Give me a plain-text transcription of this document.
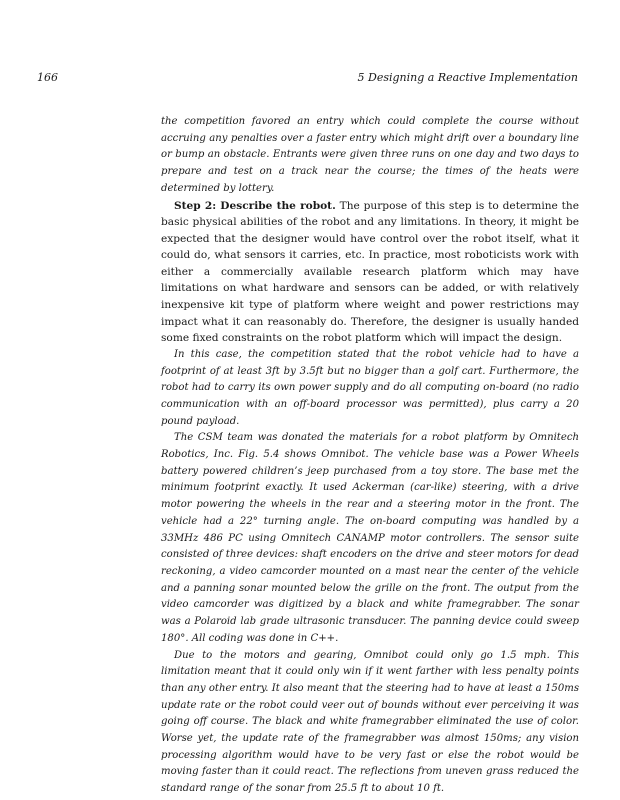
166	5 Designing a Reactive Implementation

the competition favored an entry which could complete the course without accruing any penalties over a faster entry which might drift over a boundary line or bump an obstacle. Entrants were given three runs on one day and two days to prepare and test on a track near the course; the times of the heats were determined by lottery.

Step 2: Describe the robot. The purpose of this step is to determine the basic physical abilities of the robot and any limitations. In theory, it might be expected that the designer would have control over the robot itself, what it could do, what sensors it carries, etc. In practice, most roboticists work with either a commercially available research platform which may have limitations on what hardware and sensors can be added, or with relatively inexpensive kit type of platform where weight and power restrictions may impact what it can reasonably do. Therefore, the designer is usually handed some fixed constraints on the robot platform which will impact the design.

In this case, the competition stated that the robot vehicle had to have a footprint of at least 3ft by 3.5ft but no bigger than a golf cart. Furthermore, the robot had to carry its own power supply and do all computing on-board (no radio communication with an off-board processor was permitted), plus carry a 20 pound payload.

The CSM team was donated the materials for a robot platform by Omnitech Robotics, Inc. Fig. 5.4 shows Omnibot. The vehicle base was a Power Wheels battery powered children’s jeep purchased from a toy store. The base met the minimum footprint exactly. It used Ackerman (car-like) steering, with a drive motor powering the wheels in the rear and a steering motor in the front. The vehicle had a 22° turning angle. The on-board computing was handled by a 33MHz 486 PC using Omnitech CANAMP motor controllers. The sensor suite consisted of three devices: shaft encoders on the drive and steer motors for dead reckoning, a video camcorder mounted on a mast near the center of the vehicle and a panning sonar mounted below the grille on the front. The output from the video camcorder was digitized by a black and white framegrabber. The sonar was a Polaroid lab grade ultrasonic transducer. The panning device could sweep 180°. All coding was done in C++.

Due to the motors and gearing, Omnibot could only go 1.5 mph. This limitation meant that it could only win if it went farther with less penalty points than any other entry. It also meant that the steering had to have at least a 150ms update rate or the robot could veer out of bounds without ever perceiving it was going off course. The black and white framegrabber eliminated the use of color. Worse yet, the update rate of the framegrabber was almost 150ms; any vision processing algorithm would have to be very fast or else the robot would be moving faster than it could react. The reflections from uneven grass reduced the standard range of the sonar from 25.5 ft to about 10 ft.
